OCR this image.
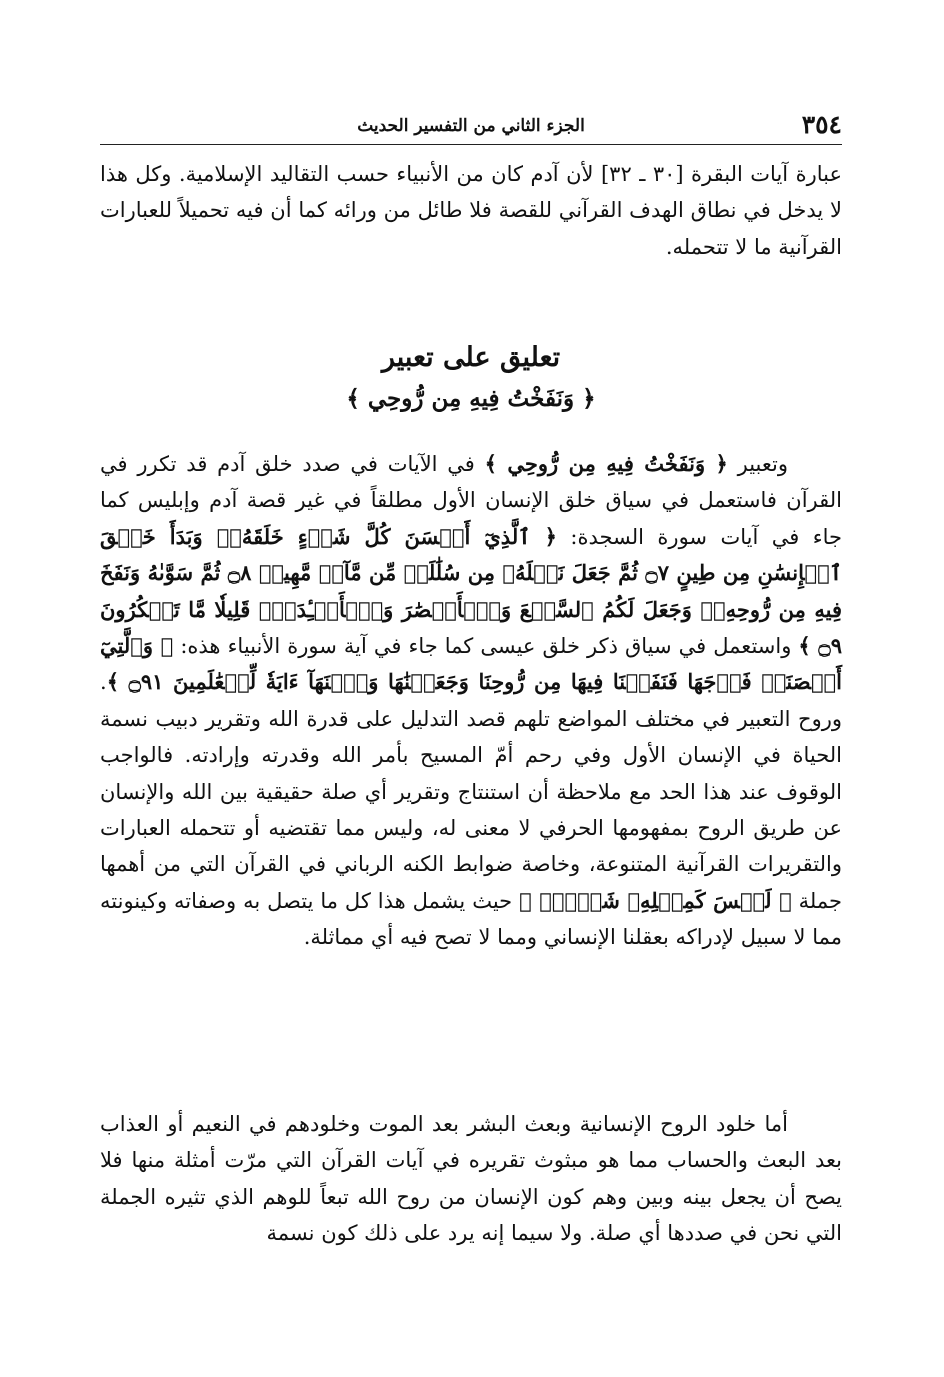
٣٥٤
الجزء الثاني من التفسير الحديث

عبارة آيات البقرة [٣٠ ـ ٣٢] لأن آدم كان من الأنبياء حسب التقاليد الإسلامية. وكل هذا لا يدخل في نطاق الهدف القرآني للقصة فلا طائل من ورائه كما أن فيه تحميلاً للعبارات القرآنية ما لا تتحمله.

تعليق على تعبير
﴿ وَنَفَخْتُ فِيهِ مِن رُّوحِي ﴾

وتعبير ﴿ وَنَفَخْتُ فِيهِ مِن رُّوحِي ﴾ في الآيات في صدد خلق آدم قد تكرر في القرآن فاستعمل في سياق خلق الإنسان الأول مطلقاً في غير قصة آدم وإبليس كما جاء في آيات سورة السجدة: ﴿ ٱلَّذِيٓ أَحۡسَنَ كُلَّ شَيۡءٍ خَلَقَهُۥۖ وَبَدَأَ خَلۡقَ ٱلۡإِنسَٰنِ مِن طِينٍ ۝٧ ثُمَّ جَعَلَ نَسۡلَهُۥ مِن سُلَٰلَةٖ مِّن مَّآءٖ مَّهِينٖ ۝٨ ثُمَّ سَوَّىٰهُ وَنَفَخَ فِيهِ مِن رُّوحِهِۦۖ وَجَعَلَ لَكُمُ ٱلسَّمۡعَ وَٱلۡأَبۡصَٰرَ وَٱلۡأَفۡـِٔدَةَۚ قَلِيلٗا مَّا تَشۡكُرُونَ ۝٩ ﴾ واستعمل في سياق ذكر خلق عيسى كما جاء في آية سورة الأنبياء هذه: ﴿ وَٱلَّتِيٓ أَحۡصَنَتۡ فَرۡجَهَا فَنَفَخۡنَا فِيهَا مِن رُّوحِنَا وَجَعَلۡنَٰهَا وَٱبۡنَهَآ ءَايَةٗ لِّلۡعَٰلَمِينَ ۝٩١ ﴾. وروح التعبير في مختلف المواضع تلهم قصد التدليل على قدرة الله وتقرير دبيب نسمة الحياة في الإنسان الأول وفي رحم أمّ المسيح بأمر الله وقدرته وإرادته. فالواجب الوقوف عند هذا الحد مع ملاحظة أن استنتاج وتقرير أي صلة حقيقية بين الله والإنسان عن طريق الروح بمفهومها الحرفي لا معنى له، وليس مما تقتضيه أو تتحمله العبارات والتقريرات القرآنية المتنوعة، وخاصة ضوابط الكنه الرباني في القرآن التي من أهمها جملة ﴿ لَيۡسَ كَمِثۡلِهِۦ شَيۡءٞۖ ﴾ حيث يشمل هذا كل ما يتصل به وصفاته وكينونته مما لا سبيل لإدراكه بعقلنا الإنساني ومما لا تصح فيه أي مماثلة.

أما خلود الروح الإنسانية وبعث البشر بعد الموت وخلودهم في النعيم أو العذاب بعد البعث والحساب مما هو مبثوث تقريره في آيات القرآن التي مرّت أمثلة منها فلا يصح أن يجعل بينه وبين وهم كون الإنسان من روح الله تبعاً للوهم الذي تثيره الجملة التي نحن في صددها أي صلة. ولا سيما إنه يرد على ذلك كون نسمة
